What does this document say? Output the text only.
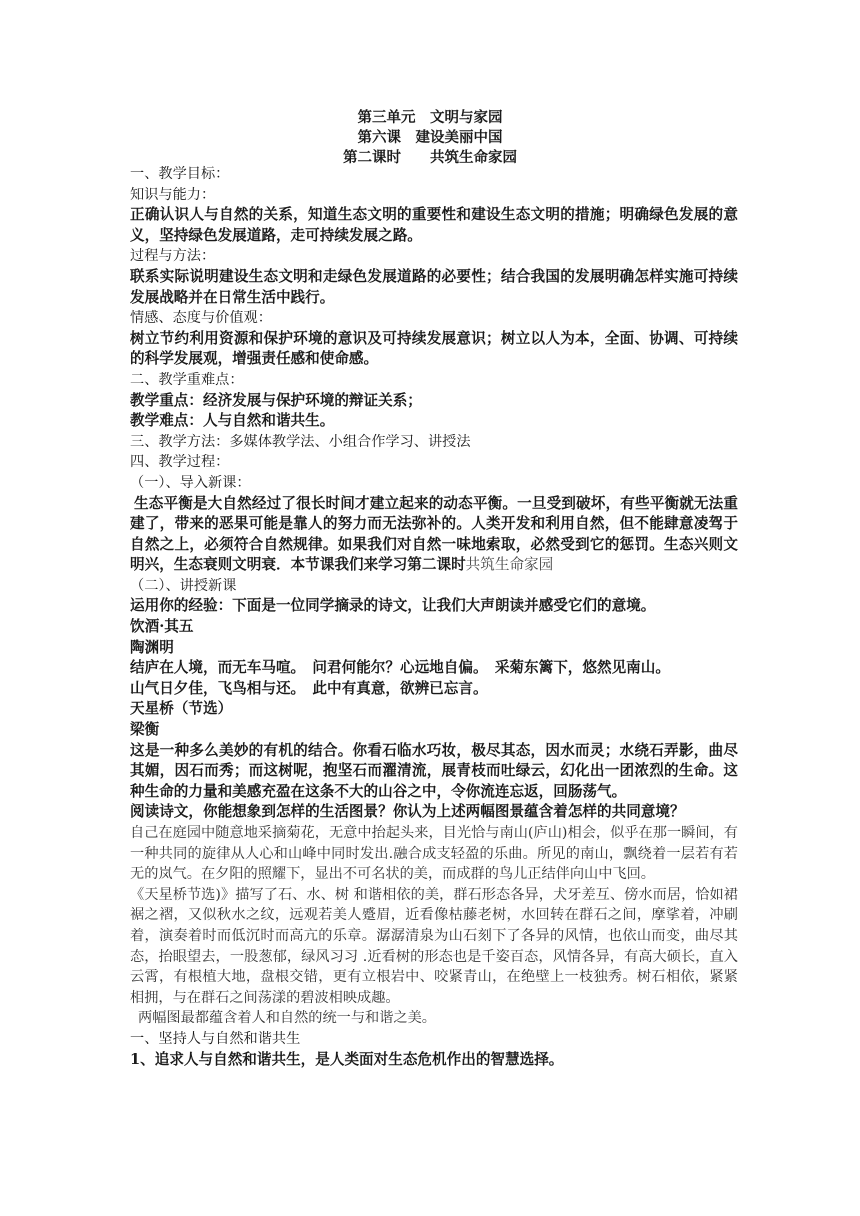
第三单元　文明与家园
第六课　建设美丽中国
第二课时　　共筑生命家园
一、教学目标：
知识与能力：
正确认识人与自然的关系，知道生态文明的重要性和建设生态文明的措施；明确绿色发展的意义，坚持绿色发展道路，走可持续发展之路。
过程与方法：
联系实际说明建设生态文明和走绿色发展道路的必要性；结合我国的发展明确怎样实施可持续发展战略并在日常生活中践行。
情感、态度与价值观：
树立节约利用资源和保护环境的意识及可持续发展意识；树立以人为本，全面、协调、可持续的科学发展观，增强责任感和使命感。
二、教学重难点：
教学重点：经济发展与保护环境的辩证关系；
教学难点：人与自然和谐共生。
三、教学方法：多媒体教学法、小组合作学习、讲授法
四、教学过程：
（一）、导入新课：
生态平衡是大自然经过了很长时间才建立起来的动态平衡。一旦受到破坏，有些平衡就无法重建了，带来的恶果可能是靠人的努力而无法弥补的。人类开发和利用自然，但不能肆意凌驾于自然之上，必须符合自然规律。如果我们对自然一味地索取，必然受到它的惩罚。生态兴则文明兴，生态衰则文明衰．本节课我们来学习第二课时共筑生命家园
（二）、讲授新课
运用你的经验：下面是一位同学摘录的诗文，让我们大声朗读并感受它们的意境。
饮酒·其五
陶渊明
结庐在人境，而无车马喧。　问君何能尔？心远地自偏。　采菊东篱下，悠然见南山。
山气日夕佳，飞鸟相与还。　此中有真意，欲辨已忘言。
天星桥（节选）
梁衡
这是一种多么美妙的有机的结合。你看石临水巧妆，极尽其态，因水而灵；水绕石弄影，曲尽其媚，因石而秀；而这树呢，抱坚石而濯清流，展青枝而吐绿云，幻化出一团浓烈的生命。这种生命的力量和美感充盈在这条不大的山谷之中，令你流连忘返，回肠荡气。
阅读诗文，你能想象到怎样的生活图景？你认为上述两幅图景蕴含着怎样的共同意境？
自己在庭园中随意地采摘菊花，无意中抬起头来，目光恰与南山(庐山)相会，似乎在那一瞬间，有一种共同的旋律从人心和山峰中同时发出.融合成支轻盈的乐曲。所见的南山，飘绕着一层若有若无的岚气。在夕阳的照耀下，显出不可名状的美，而成群的鸟儿正结伴向山中飞回。
《天星桥节选)》描写了石、水、树 和谐相依的美，群石形态各异，犬牙差互、傍水而居，恰如裙裾之褶，又似秋水之纹，远观若美人蹙眉，近看像枯藤老树，水回转在群石之间，摩挲着，冲刷着，演奏着时而低沉时而高亢的乐章。潺潺清泉为山石刻下了各异的风情，也依山而变，曲尽其态，抬眼望去，一股葱郁，绿风习习 .近看树的形态也是千姿百态，风情各异，有高大硕长，直入云霄，有根植大地，盘根交错，更有立根岩中、咬紧青山，在绝壁上一枝独秀。树石相依，紧紧相拥，与在群石之间荡漾的碧波相映成趣。
两幅图最都蕴含着人和自然的统一与和谐之美。
一、坚持人与自然和谐共生
1、追求人与自然和谐共生，是人类面对生态危机作出的智慧选择。
